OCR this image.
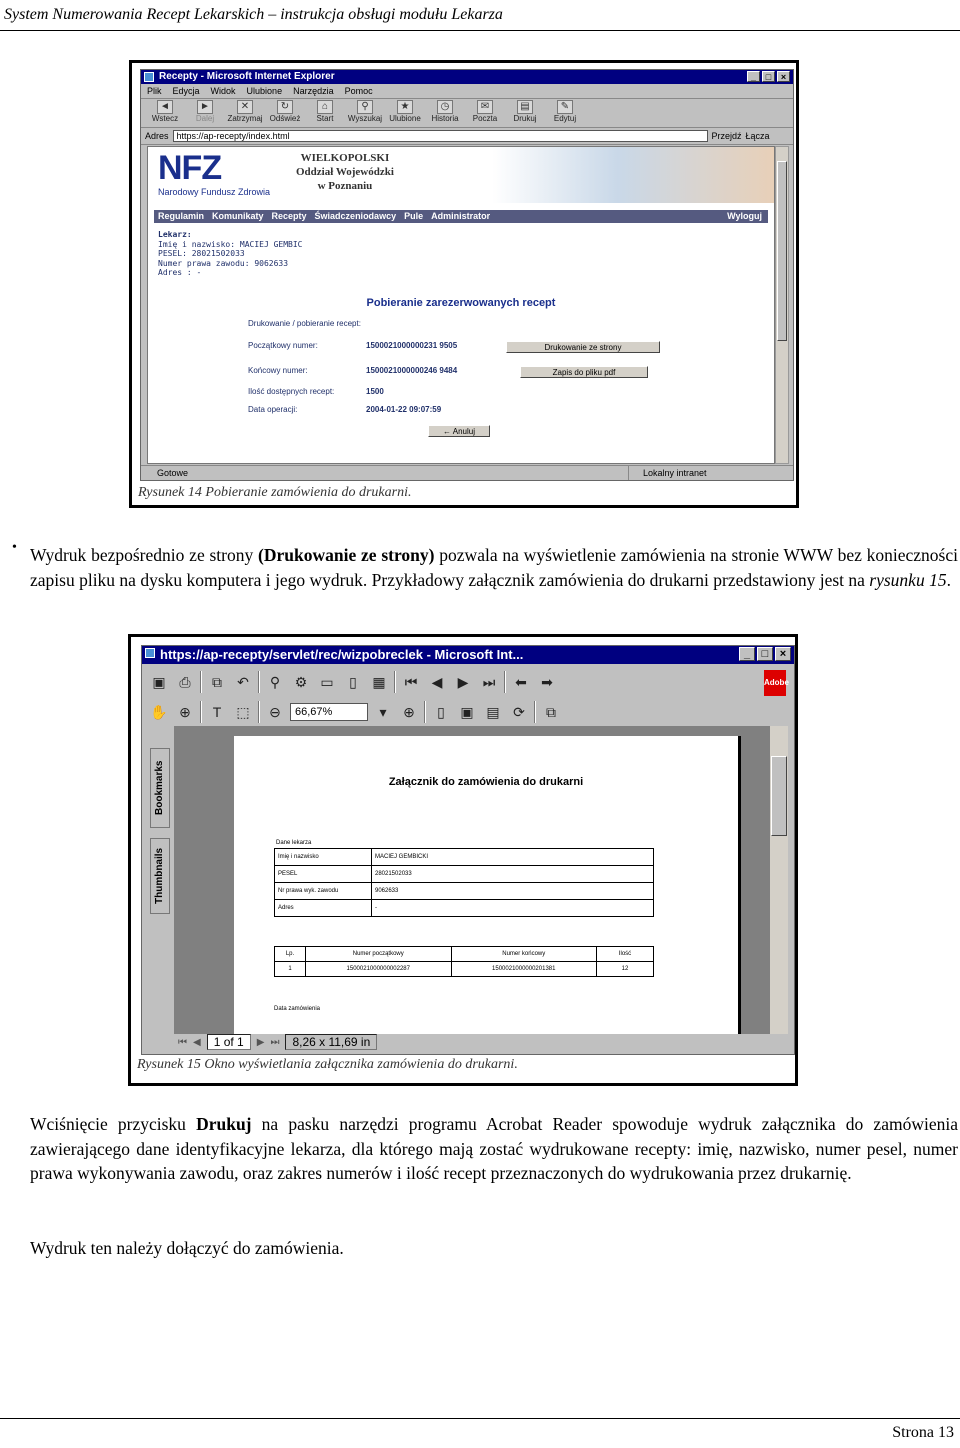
System Numerowania Recept Lekarskich – instrukcja obsługi modułu Lekarza
Recepty - Microsoft Internet Explorer	_	□	×
Plik Edycja Widok Ulubione Narzędzia Pomoc
◄
Wstecz
►
Dalej
✕
Zatrzymaj
↻
Odśwież
⌂
Start
⚲
Wyszukaj
★
Ulubione
◷
Historia
✉
Poczta
▤
Drukuj
✎
Edytuj
Adres https://ap-recepty/index.html	Przejdź Łącza
NFZ
Narodowy Fundusz Zdrowia
WIELKOPOLSKI
Oddział Wojewódzki
w Poznaniu
Regulamin Komunikaty Recepty Świadczeniodawcy Pule Administrator	Wyloguj
Lekarz:
Imię i nazwisko: MACIEJ GEMBIC
PESEL: 28021502033
Numer prawa zawodu: 9062633
Adres : -
Pobieranie zarezerwowanych recept
Drukowanie / pobieranie recept:
Początkowy numer:	1500021000000231 9505
Końcowy numer:	1500021000000246 9484
Ilość dostępnych recept:	1500
Data operacji:	2004-01-22 09:07:59
Drukowanie ze strony
Zapis do pliku pdf
← Anuluj
Gotowe	Lokalny intranet
Rysunek 14 Pobieranie zamówienia do drukarni.
• Wydruk bezpośrednio ze strony (Drukowanie ze strony) pozwala na wyświetlenie zamówienia na stronie WWW bez konieczności zapisu pliku na dysku komputera i jego wydruk. Przykładowy załącznik zamówienia do drukarni przedstawiony jest na rysunku 15.
https://ap-recepty/servlet/rec/wizpobreclek - Microsoft Int...	_	□	×
▣ ⎙	⧉	↶	⚲	⚙ ▭	▯	▦	⏮	◀	▶	⏭	⬅	➡	Adobe
✋ ⊕	T	⬚	⊖	66,67%	▾	⊕	▯	▣ ▤ ⟳	⧉
Bookmarks
Thumbnails
Załącznik do zamówienia do drukarni
Dane lekarza
Imię i nazwisko	MACIEJ GEMBICKI
PESEL	28021502033
Nr prawa wyk. zawodu	9062633
Adres	-
Lp.	Numer początkowy	Numer końcowy	Ilość
1	1500021000000002287	1500021000000201381	12
Data zamówienia
⏮ ◀	1 of 1	▶ ⏭	8,26 x 11,69 in
Rysunek 15 Okno wyświetlania załącznika zamówienia do drukarni.
Wciśnięcie przycisku Drukuj na pasku narzędzi programu Acrobat Reader spowoduje wydruk załącznika do zamówienia zawierającego dane identyfikacyjne lekarza, dla którego mają zostać wydrukowane recepty: imię, nazwisko, numer pesel, numer prawa wykonywania zawodu, oraz zakres numerów i ilość recept przeznaczonych do wydrukowania przez drukarnię.
Wydruk ten należy dołączyć do zamówienia.
Strona 13
